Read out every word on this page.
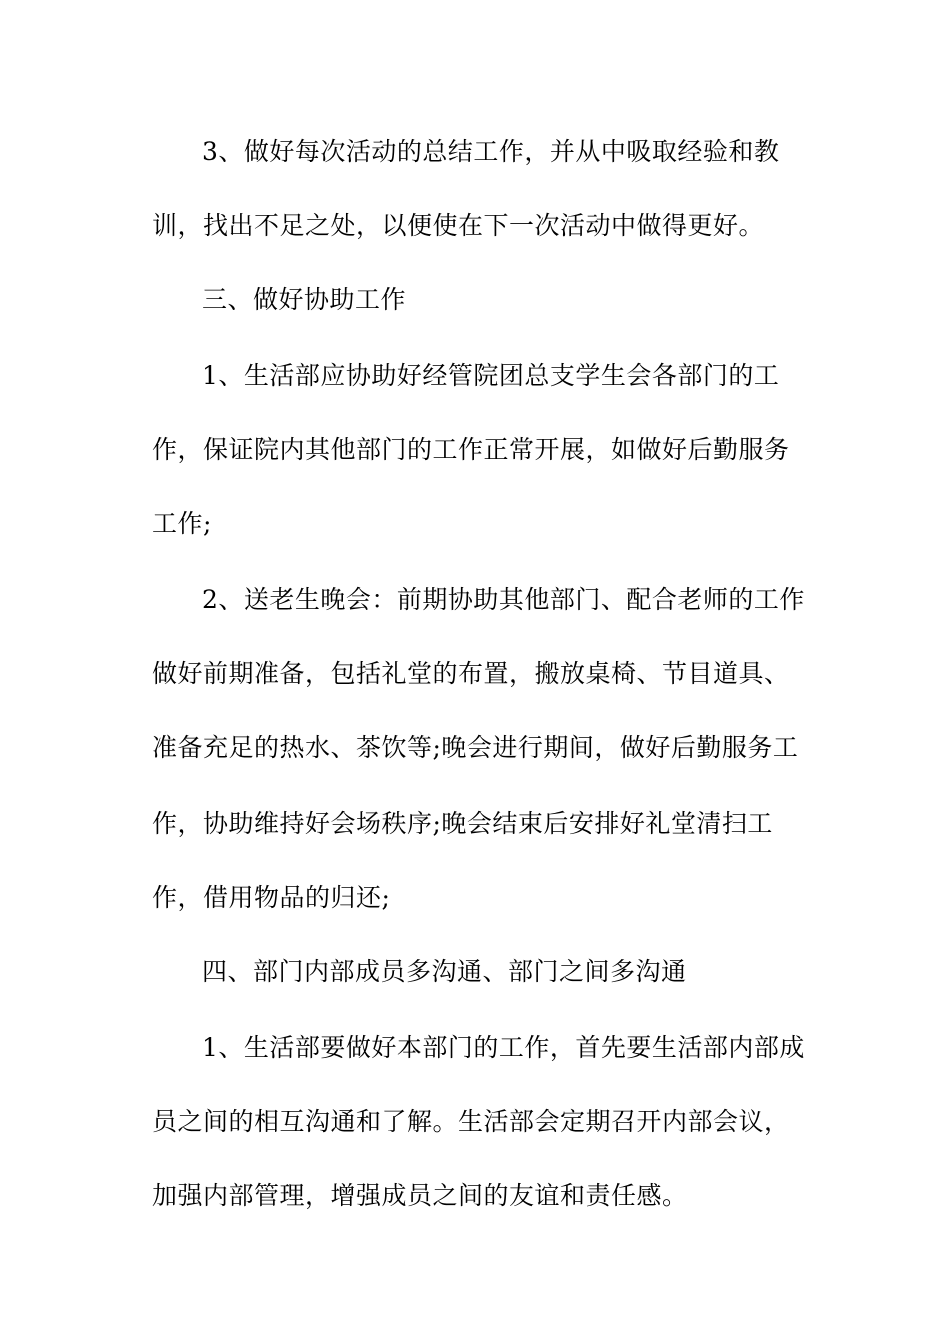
3、做好每次活动的总结工作，并从中吸取经验和教
训，找出不足之处，以便使在下一次活动中做得更好。
三、做好协助工作
1、生活部应协助好经管院团总支学生会各部门的工
作，保证院内其他部门的工作正常开展，如做好后勤服务
工作;
2、送老生晚会：前期协助其他部门、配合老师的工作
做好前期准备，包括礼堂的布置，搬放桌椅、节目道具、
准备充足的热水、茶饮等;晚会进行期间，做好后勤服务工
作，协助维持好会场秩序;晚会结束后安排好礼堂清扫工
作，借用物品的归还;
四、部门内部成员多沟通、部门之间多沟通
1、生活部要做好本部门的工作，首先要生活部内部成
员之间的相互沟通和了解。生活部会定期召开内部会议，
加强内部管理，增强成员之间的友谊和责任感。
